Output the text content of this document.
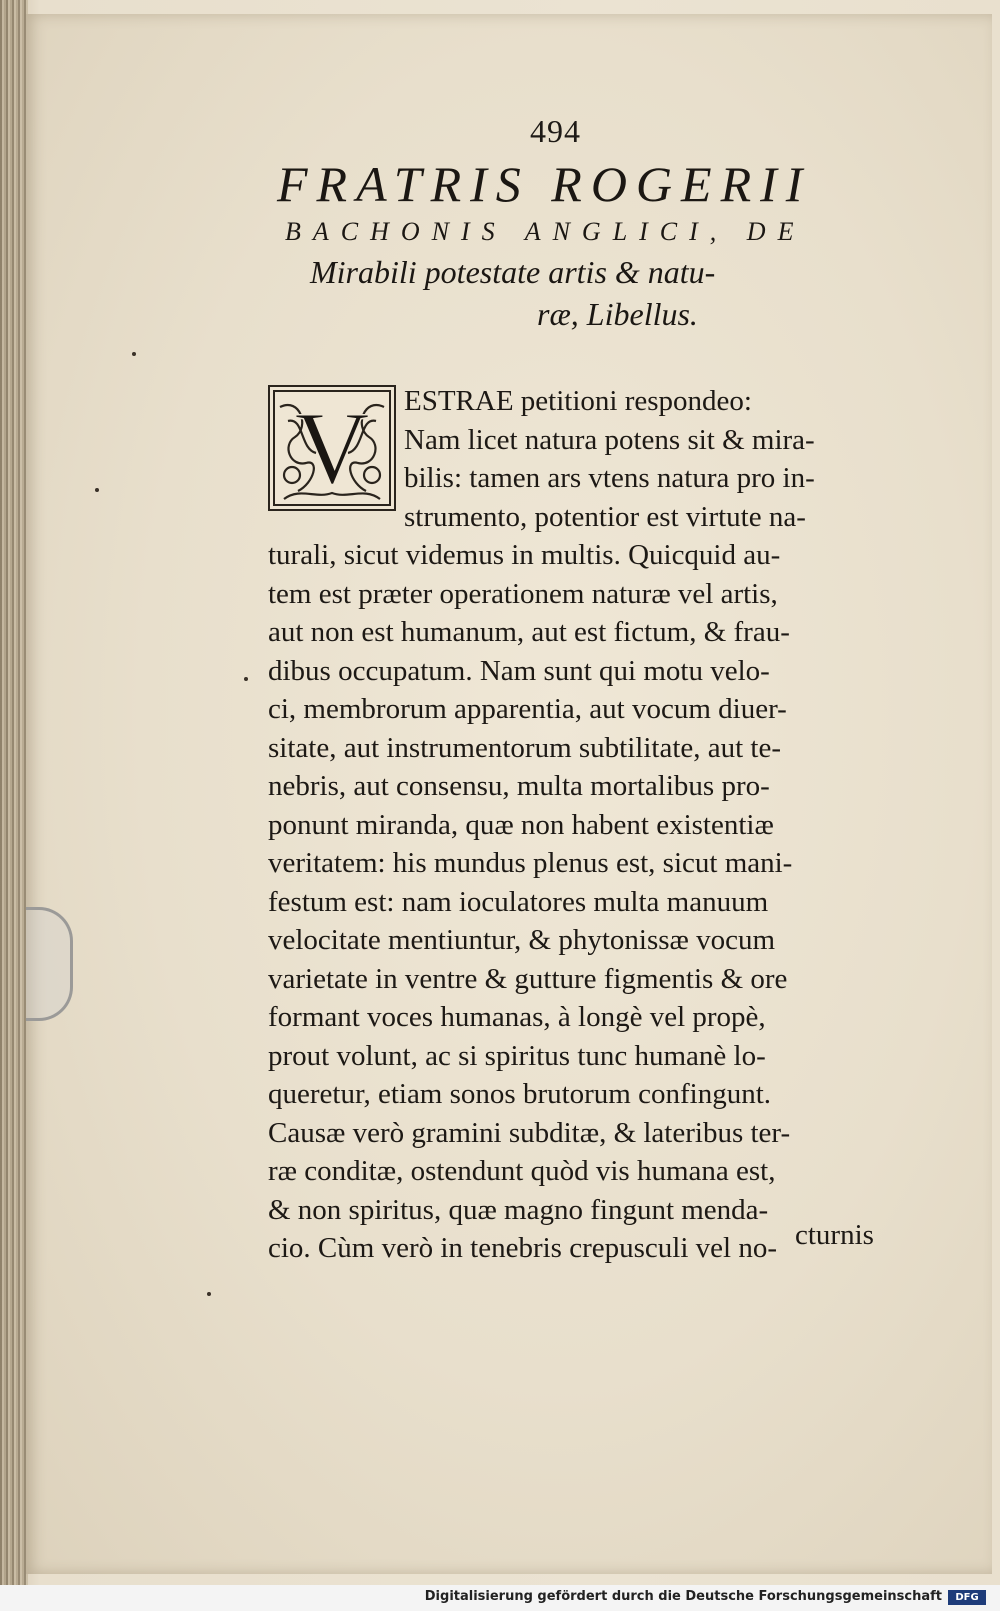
494
FRATRIS ROGERII
BACHONIS ANGLICI, DE
Mirabili potestate artis & natu-
ræ, Libellus.
V	ESTRAE petitioni respondeo:
Nam licet natura potens sit & mira-
bilis: tamen ars vtens natura pro in-
strumento, potentior est virtute na-
turali, sicut videmus in multis. Quicquid au-
tem est præter operationem naturæ vel artis,
aut non est humanum, aut est fictum, & frau-
dibus occupatum. Nam sunt qui motu velo-
ci, membrorum apparentia, aut vocum diuer-
sitate, aut instrumentorum subtilitate, aut te-
nebris, aut consensu, multa mortalibus pro-
ponunt miranda, quæ non habent existentiæ
veritatem: his mundus plenus est, sicut mani-
festum est: nam ioculatores multa manuum
velocitate mentiuntur, & phytonissæ vocum
varietate in ventre & gutture figmentis & ore
formant voces humanas, à longè vel propè,
prout volunt, ac si spiritus tunc humanè lo-
queretur, etiam sonos brutorum confingunt.
Causæ verò gramini subditæ, & lateribus ter-
ræ conditæ, ostendunt quòd vis humana est,
& non spiritus, quæ magno fingunt menda-
cio. Cùm verò in tenebris crepusculi vel no- cturnis
Digitalisierung gefördert durch die Deutsche Forschungsgemeinschaft	DFG
